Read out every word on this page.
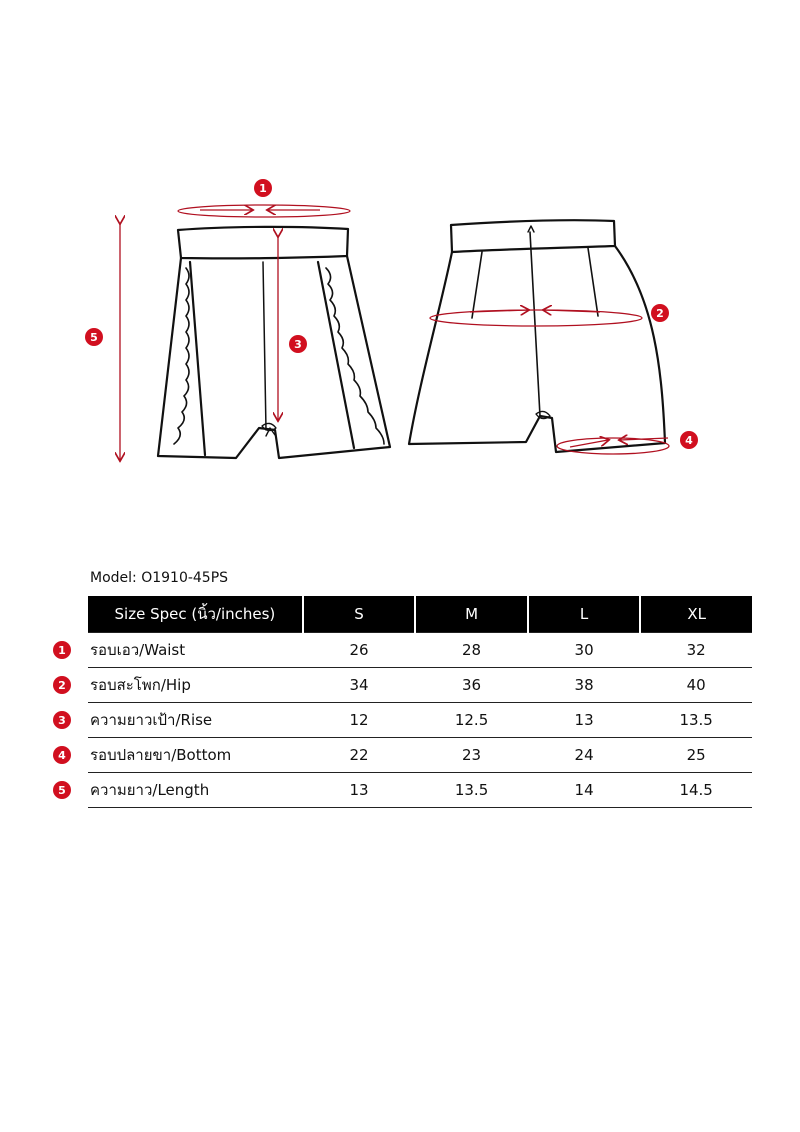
1
2
3
4
5
Model: O1910-45PS
Size Spec (นิ้ว/inches)	S	M	L	XL
รอบเอว/Waist	26	28	30	32
รอบสะโพก/Hip	34	36	38	40
ความยาวเป้า/Rise	12	12.5	13	13.5
รอบปลายขา/Bottom	22	23	24	25
ความยาว/Length	13	13.5	14	14.5
1
2
3
4
5
